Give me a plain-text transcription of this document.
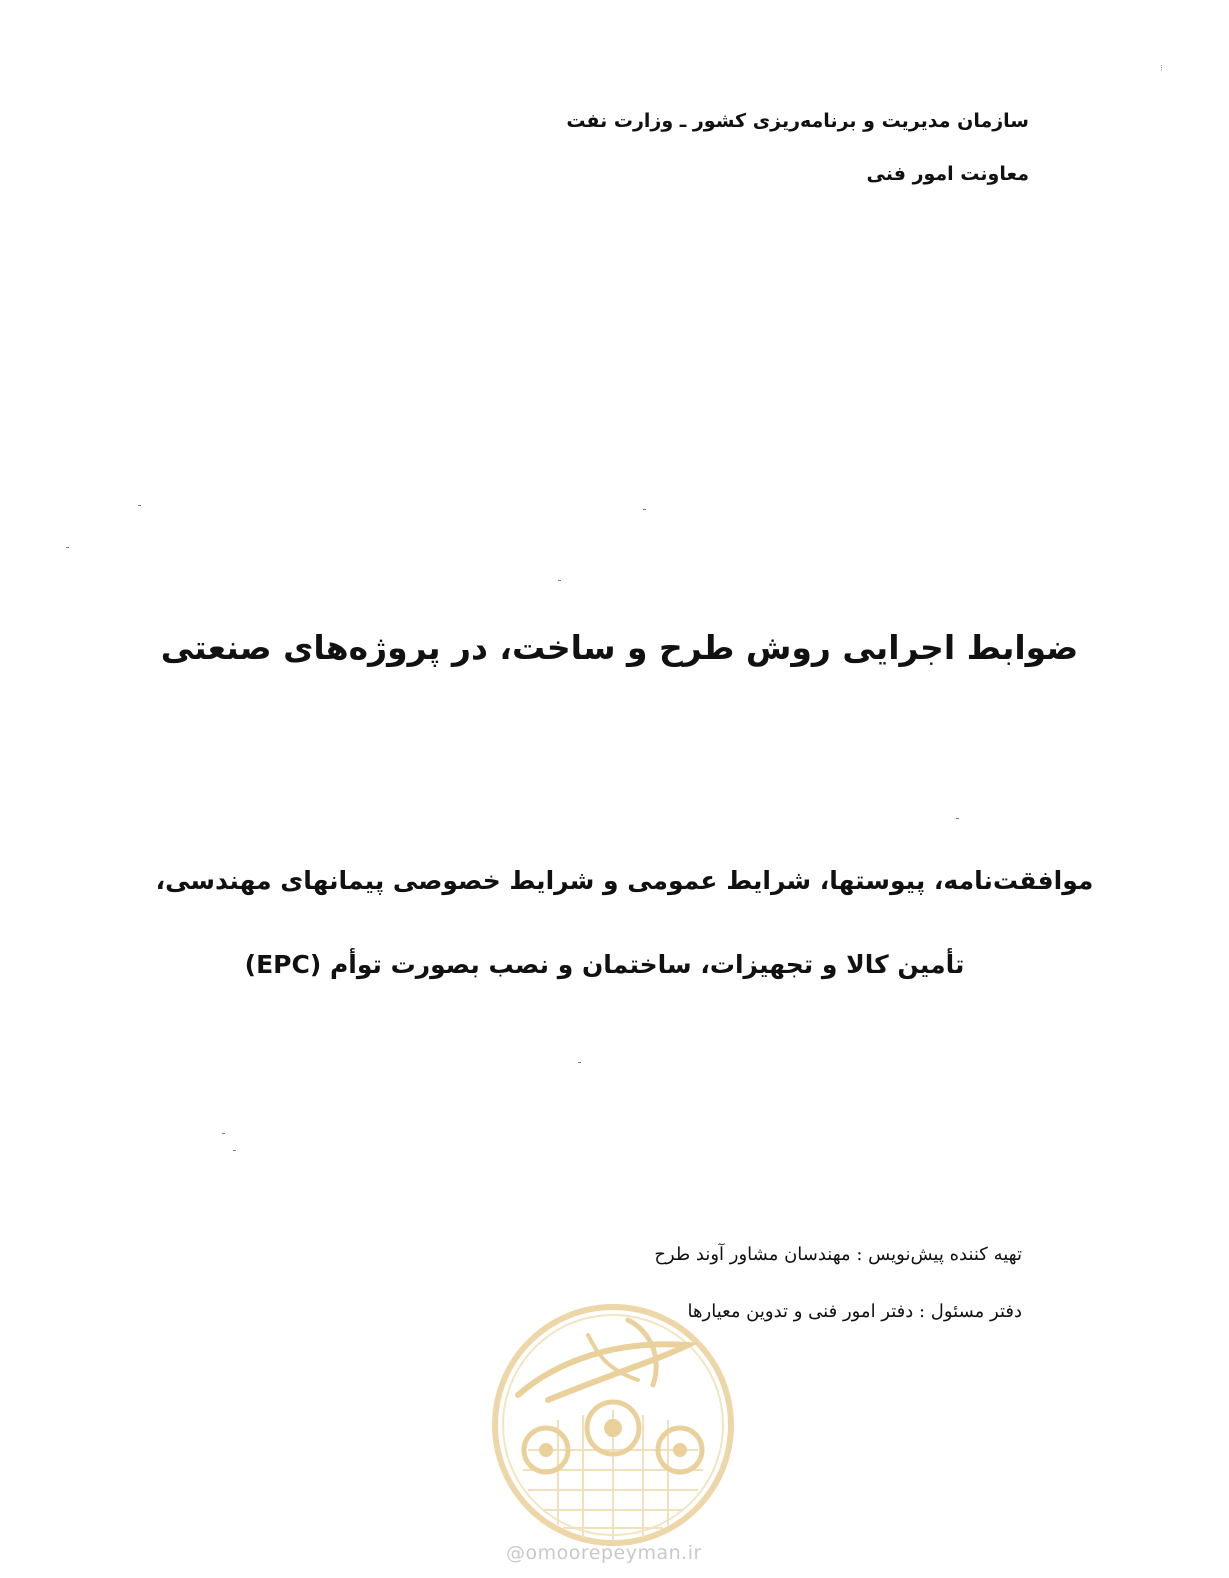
⁝
سازمان مدیریت و برنامه‌ریزی کشور ـ وزارت نفت
معاونت امور فنی
ضوابط اجرایی روش طرح و ساخت، در پروژه‌های صنعتی
موافقت‌نامه، پیوستها، شرایط عمومی و شرایط خصوصی پیمانهای مهندسی،
تأمین کالا و تجهیزات، ساختمان و نصب بصورت توأم (EPC)
تهیه کننده پیش‌نویس : مهندسان مشاور آوند طرح
دفتر مسئول : دفتر امور فنی و تدوین معیارها
@omoorepeyman.ir
